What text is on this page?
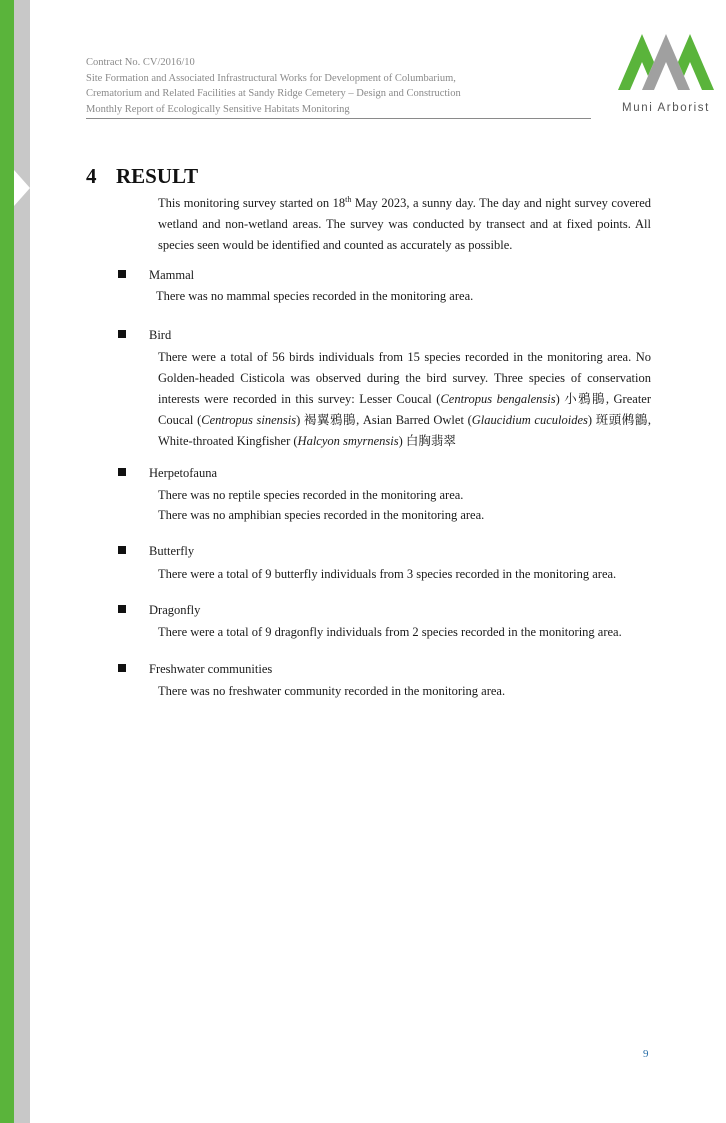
Contract No. CV/2016/10
Site Formation and Associated Infrastructural Works for Development of Columbarium,
Crematorium and Related Facilities at Sandy Ridge Cemetery – Design and Construction
Monthly Report of Ecologically Sensitive Habitats Monitoring	Muni Arborist
4 RESULT
This monitoring survey started on 18th May 2023, a sunny day. The day and night survey covered wetland and non-wetland areas. The survey was conducted by transect and at fixed points. All species seen would be identified and counted as accurately as possible.
Mammal
There was no mammal species recorded in the monitoring area.
Bird
There were a total of 56 birds individuals from 15 species recorded in the monitoring area. No Golden-headed Cisticola was observed during the bird survey. Three species of conservation interests were recorded in this survey: Lesser Coucal (Centropus bengalensis) 小鴉鵑, Greater Coucal (Centropus sinensis) 褐翼鴉鵑, Asian Barred Owlet (Glaucidium cuculoides) 斑頭鸺鶹, White-throated Kingfisher (Halcyon smyrnensis) 白胸翡翠
Herpetofauna
There was no reptile species recorded in the monitoring area.
There was no amphibian species recorded in the monitoring area.
Butterfly
There were a total of 9 butterfly individuals from 3 species recorded in the monitoring area.
Dragonfly
There were a total of 9 dragonfly individuals from 2 species recorded in the monitoring area.
Freshwater communities
There was no freshwater community recorded in the monitoring area.
9
